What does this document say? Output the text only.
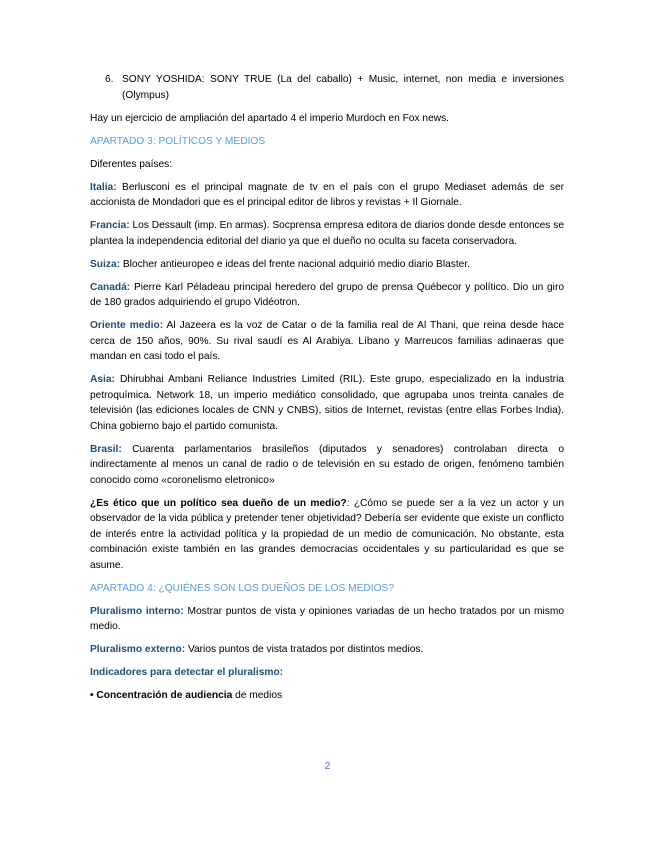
6. SONY YOSHIDA: SONY TRUE (La del caballo) + Music, internet, non media e inversiones (Olympus)

Hay un ejercicio de ampliación del apartado 4 el imperio Murdoch en Fox news.

APARTADO 3: POLÍTICOS Y MEDIOS

Diferentes países:

Italia: Berlusconi es el principal magnate de tv en el país con el grupo Mediaset además de ser accionista de Mondadori que es el principal editor de libros y revistas + Il Giornale.

Francia: Los Dessault (imp. En armas). Socprensa empresa editora de diarios donde desde entonces se plantea la independencia editorial del diario ya que el dueño no oculta su faceta conservadora.

Suiza: Blocher antieuropeo e ideas del frente nacional adquirió medio diario Blaster.

Canadá: Pierre Karl Péladeau principal heredero del grupo de prensa Québecor y político. Dio un giro de 180 grados adquiriendo el grupo Vidéotron.

Oriente medio: Al Jazeera es la voz de Catar o de la familia real de Al Thani, que reina desde hace cerca de 150 años, 90%. Su rival saudí es Al Arabiya. Líbano y Marreucos familias adinaeras que mandan en casi todo el país.

Asia: Dhirubhai Ambani Reliance Industries Limited (RIL). Este grupo, especializado en la industria petroquímica. Network 18, un imperio mediático consolidado, que agrupaba unos treinta canales de televisión (las ediciones locales de CNN y CNBS), sitios de Internet, revistas (entre ellas Forbes India). China gobierno bajo el partido comunista.

Brasil: Cuarenta parlamentarios brasileños (diputados y senadores) controlaban directa o indirectamente al menos un canal de radio o de televisión en su estado de origen, fenómeno también conocido como «coronelismo eletronico»

¿Es ético que un político sea dueño de un medio?: ¿Cómo se puede ser a la vez un actor y un observador de la vida pública y pretender tener objetividad? Debería ser evidente que existe un conflicto de interés entre la actividad política y la propiedad de un medio de comunicación. No obstante, esta combinación existe también en las grandes democracias occidentales y su particularidad es que se asume.

APARTADO 4: ¿QUIÉNES SON LOS DUEÑOS DE LOS MEDIOS?

Pluralismo interno: Mostrar puntos de vista y opiniones variadas de un hecho tratados por un mismo medio.

Pluralismo externo: Varios puntos de vista tratados por distintos medios.

Indicadores para detectar el pluralismo:

• Concentración de audiencia de medios

2
